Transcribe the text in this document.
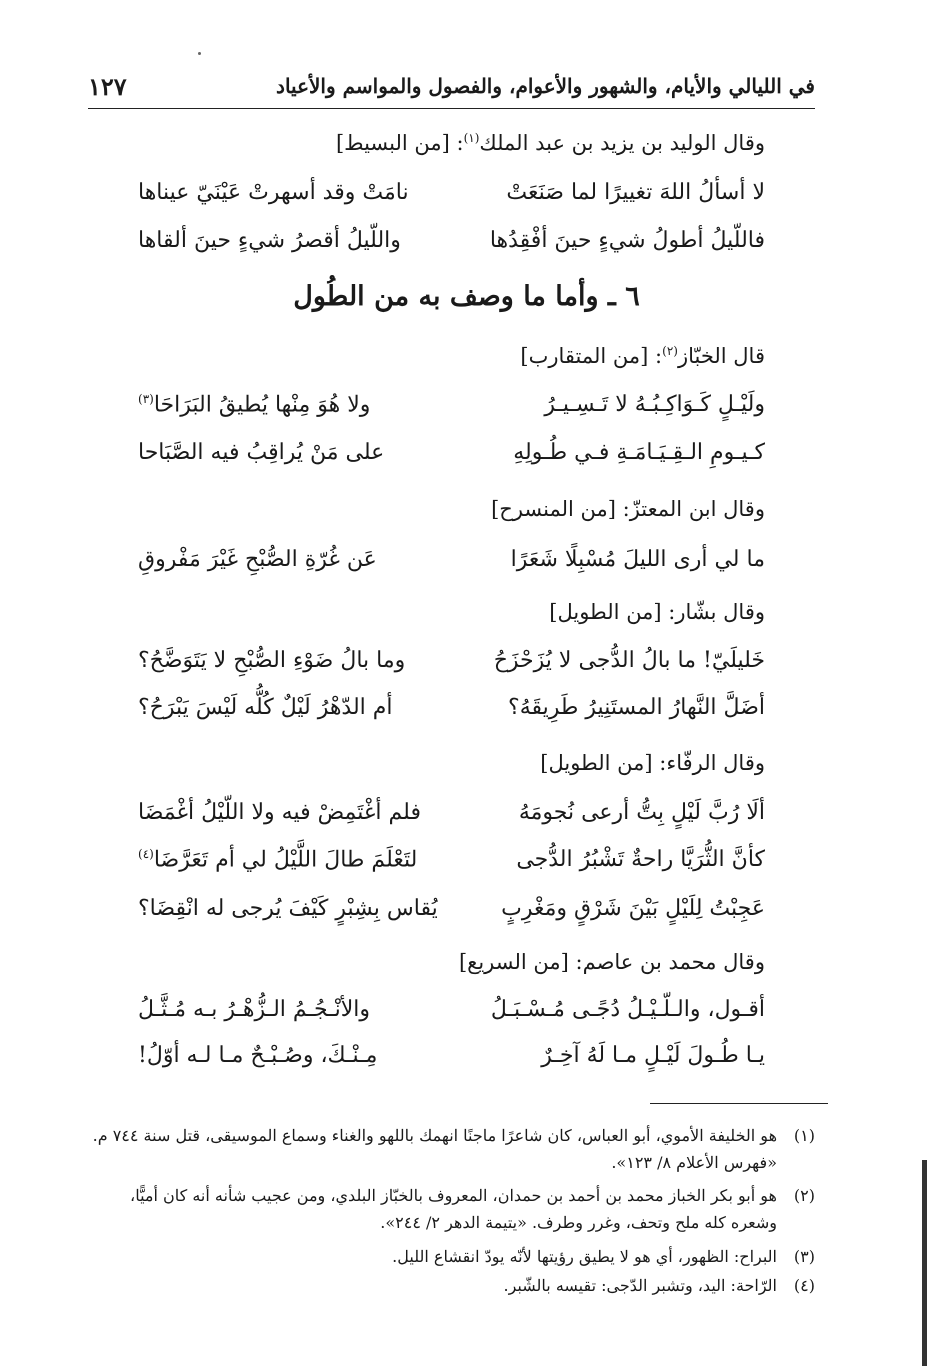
في الليالي والأيام، والشهور والأعوام، والفصول والمواسم والأعياد
١٢٧
وقال الوليد بن يزيد بن عبد الملك$^{(١)}$: [من البسيط]
لا أسألُ اللهَ تغييرًا لما صَنَعَتْ
نامَتْ وقد أسهرتْ عَيْنَيّ عيناها
فاللّيلُ أطولُ شيءٍ حينَ أفْقِدُها
واللّيلُ أقصرُ شيءٍ حينَ ألقاها
٦ ـ وأما ما وصف به من الطُول
قال الخبّاز$^{(٢)}$: [من المتقارب]
ولَيْـلٍ كَـوَاكِـبُـهُ لا تَـسِـيـرُ
ولا هُوَ مِنْها يُطيقُ البَرَاحَا$^{(٣)}$
كـيـومِ الـقِـيَـامَـةِ فـي طُـولِهِ
على مَنْ يُراقِبُ فيه الصَّبَاحا
وقال ابن المعتزّ: [من المنسرح]
ما لي أرى الليلَ مُسْبِلًا شَعَرًا
عَن غُرّةِ الصُّبْحِ غَيْرَ مَفْروقِ
وقال بشّار: [من الطويل]
خَليلَيّ! ما بالُ الدُّجى لا يُزَحْزَحُ
وما بالُ ضَوْءِ الصُّبْحِ لا يَتَوَضَّحُ؟
أضَلَّ النَّهارُ المستَنِيرُ طَرِيقَهُ؟
أم الدّهْرُ لَيْلٌ كُلُّه لَيْسَ يَبْرَحُ؟
وقال الرفّاء: [من الطويل]
ألَا رُبَّ لَيْلٍ بِتُّ أرعى نُجومَهُ
فلم أغْتَمِضْ فيه ولا اللّيْلُ أغْمَضَا
كأنَّ الثُّرَيَّا راحةٌ تَشْبُرُ الدُّجى
لتَعْلَمَ طالَ اللَّيْلُ لي أم تَعَرَّضَا$^{(٤)}$
عَجِبْتُ لِلَيْلٍ بَيْنَ شَرْقٍ ومَغْرِبٍ
يُقاس بِشِبْرٍ كَيْفَ يُرجى له انْقِضَا؟
وقال محمد بن عاصم: [من السريع]
أقـول، والـلّـيْـلُ دُجًـى مُـسْـبَـلُ
والأنْـجُـمُ الـزُّهْـرُ بـه مُـثَّـلُ
يـا طُـولَ لَيْـلٍ مـا لَهُ آخِـرٌ
مِـنْـكَ، وصُـبْـحٌ مـا لـه أوّلُ!
(١)
هو الخليفة الأموي، أبو العباس، كان شاعرًا ماجنًا انهمك باللهو والغناء وسماع الموسيقى، قتل سنة ٧٤٤ م. «فهرس الأعلام ٨/ ١٢٣».
(٢)
هو أبو بكر الخباز محمد بن أحمد بن حمدان، المعروف بالخبّاز البلدي، ومن عجيب شأنه أنه كان أميًّا، وشعره كله ملح وتحف، وغرر وطرف. «يتيمة الدهر ٢/ ٢٤٤».
(٣)
البراح: الظهور، أي هو لا يطيق رؤيتها لأنّه يودّ انقشاع الليل.
(٤)
الرّاحة: اليد، وتشبر الدّجى: تقيسه بالشّبر.
